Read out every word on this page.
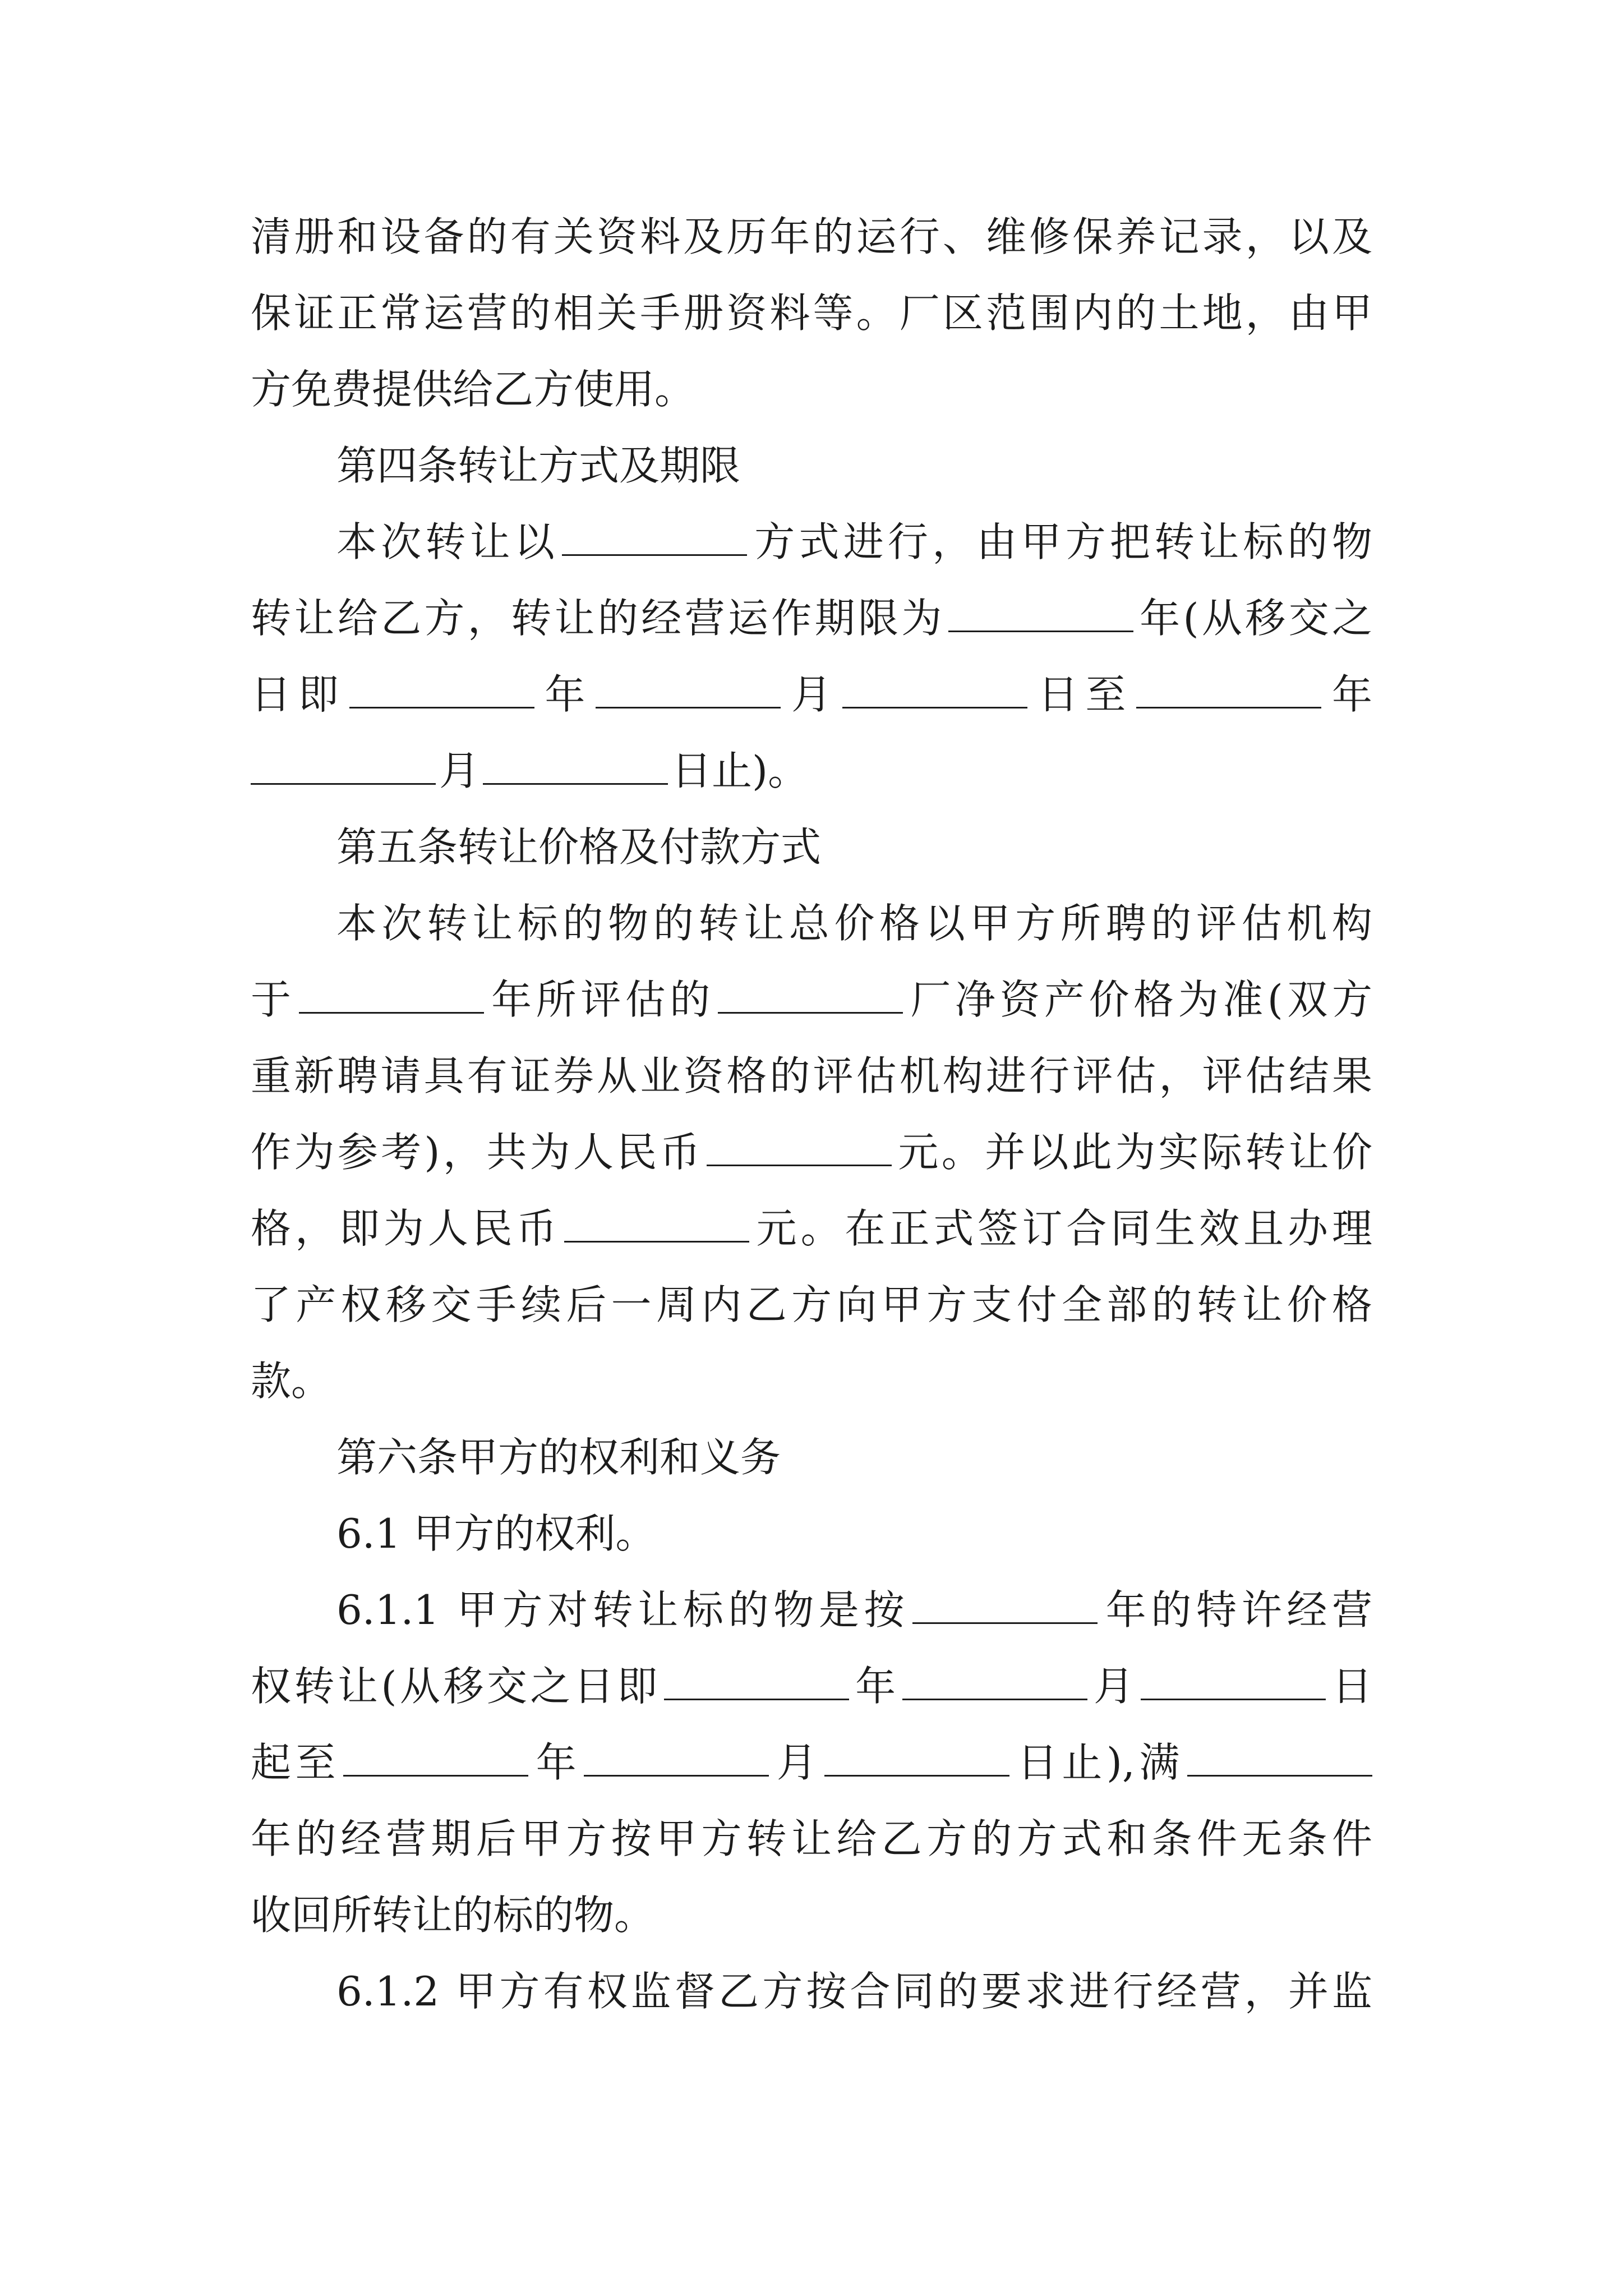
清册和设备的有关资料及历年的运行、维修保养记录，以及
保证正常运营的相关手册资料等。厂区范围内的土地，由甲
方免费提供给乙方使用。
第四条转让方式及期限
本次转让以	方式进行，由甲方把转让标的物
转让给乙方，转让的经营运作期限为	年(从移交之
日即	年	月	日至	年
月	日止)。
第五条转让价格及付款方式
本次转让标的物的转让总价格以甲方所聘的评估机构
于	年所评估的	厂净资产价格为准(双方
重新聘请具有证券从业资格的评估机构进行评估，评估结果
作为参考)，共为人民币	元。并以此为实际转让价
格，即为人民币	元。在正式签订合同生效且办理
了产权移交手续后一周内乙方向甲方支付全部的转让价格
款。
第六条甲方的权利和义务
6.1 甲方的权利。
6.1.1 甲方对转让标的物是按	年的特许经营
权转让(从移交之日即	年	月	日
起至	年	月	日止),满
年的经营期后甲方按甲方转让给乙方的方式和条件无条件
收回所转让的标的物。
6.1.2 甲方有权监督乙方按合同的要求进行经营，并监
